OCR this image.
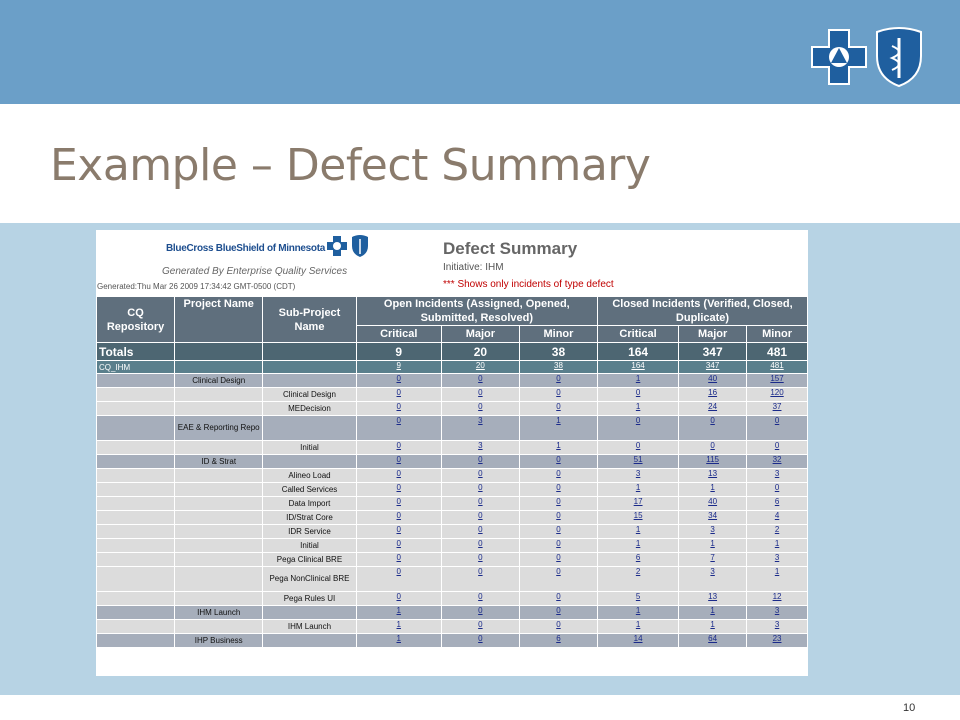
Example – Defect Summary
BlueCross BlueShield of Minnesota
Generated By Enterprise Quality Services
Generated:Thu Mar 26 2009 17:34:42 GMT-0500 (CDT)
Defect Summary
Initiative: IHM
*** Shows only incidents of type defect
CQ Repository	Project Name	Sub-Project Name	Open Incidents (Assigned, Opened, Submitted, Resolved)			Closed Incidents (Verified, Closed, Duplicate)		
			Critical	Major	Minor	Critical	Major	Minor
Totals			9	20	38	164	347	481
CQ_IHM			9	20	38	164	347	481
	Clinical Design		0	0	0	1	40	157
		Clinical Design	0	0	0	0	16	120
		MEDecision	0	0	0	1	24	37
	EAE & Reporting Repo		0	3	1	0	0	0
		Initial	0	3	1	0	0	0
	ID & Strat		0	0	0	51	115	32
		Alineo Load	0	0	0	3	13	3
		Called Services	0	0	0	1	1	0
		Data Import	0	0	0	17	40	6
		ID/Strat Core	0	0	0	15	34	4
		IDR Service	0	0	0	1	3	2
		Initial	0	0	0	1	1	1
		Pega Clinical BRE	0	0	0	6	7	3
		Pega NonClinical BRE	0	0	0	2	3	1
		Pega Rules UI	0	0	0	5	13	12
	IHM Launch		1	0	0	1	1	3
		IHM Launch	1	0	0	1	1	3
	IHP Business		1	0	6	14	64	23
10
